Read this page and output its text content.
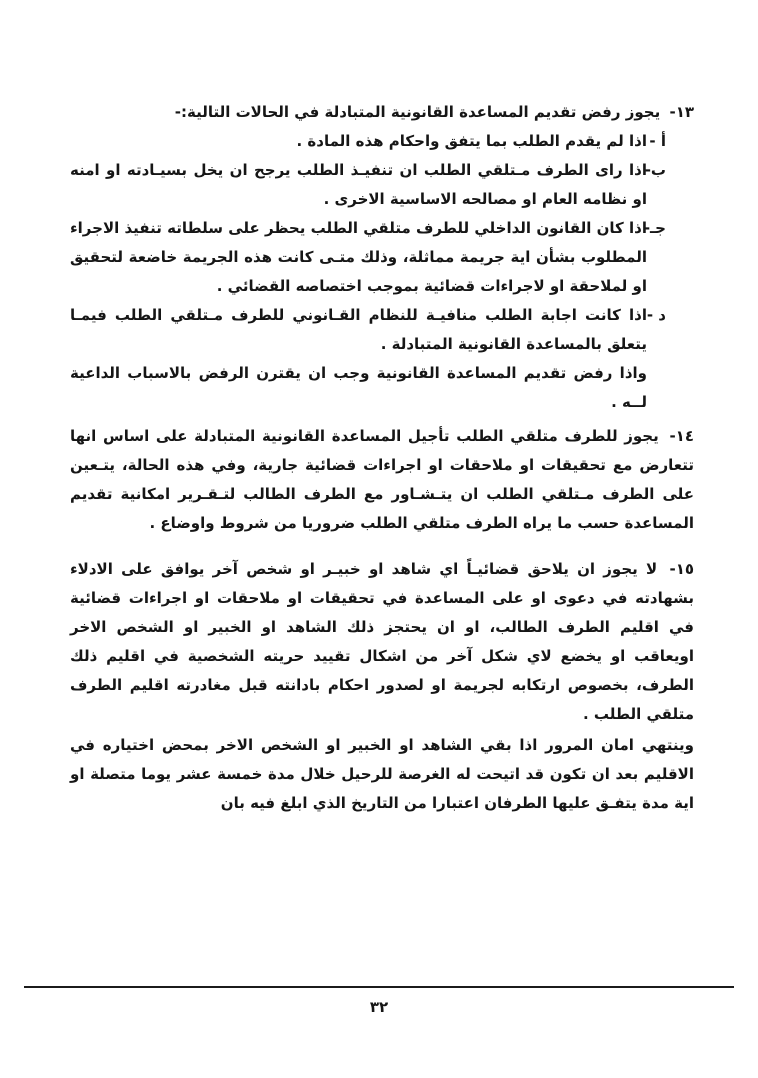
١٣- يجوز رفض تقديم المساعدة القانونية المتبادلة في الحالات التالية:-

أ -
اذا لم يقدم الطلب بما يتفق واحكام هذه المادة .
ب-
اذا راى الطرف مـتلقي الطلب ان تنفيـذ الطلب يرجح ان يخل بسيـادته او امنه او نظامه العام او مصالحه الاساسية الاخرى .
جـ-
اذا كان القانون الداخلي للطرف متلقي الطلب يحظر على سلطاته تنفيذ الاجراء المطلوب بشأن اية جريمة مماثلة، وذلك متـى كانت هذه الجريمة خاضعة لتحقيق او لملاحقة او لاجراءات قضائية بموجب اختصاصه القضائي .
د -
اذا كانت اجابة الطلب منافيـة للنظام القـانوني للطرف مـتلقي الطلب فيمـا يتعلق بالمساعدة القانونية المتبادلة .

واذا رفض تقديم المساعدة القانونية وجب ان يقترن الرفض بالاسباب الداعية لــه .

١٤- يجوز للطرف متلقي الطلب تأجيل المساعدة القانونية المتبادلة على اساس انها تتعارض مع تحقيقات او ملاحقات او اجراءات قضائية جارية، وفي هذه الحالة، يتـعين على الطرف مـتلقي الطلب ان يتـشـاور مع الطرف الطالب لتـقـرير امكانية تقديم المساعدة حسب ما يراه الطرف متلقي الطلب ضروريا من شروط واوضاع .

١٥- لا يجوز ان يلاحق قضائيـاً اي شاهد او خبيـر او شخص آخر يوافق على الادلاء بشهادته في دعوى او على المساعدة في تحقيقات او ملاحقات او اجراءات قضائية في اقليم الطرف الطالب، او ان يحتجز ذلك الشاهد او الخبير او الشخص الاخر اويعاقب او يخضع لاي شكل آخر من اشكال تقييد حريته الشخصية في اقليم ذلك الطرف، بخصوص ارتكابه لجريمة او لصدور احكام بادانته قبل مغادرته اقليم الطرف متلقي الطلب .

وينتهي امان المرور اذا بقي الشاهد او الخبير او الشخص الاخر بمحض اختياره في الاقليم بعد ان تكون قد اتيحت له الغرصة للرحيل خلال مدة خمسة عشر يوما متصلة او اية مدة يتفـق عليها الطرفان اعتبارا من التاريخ الذي ابلغ فيه بان

٣٢
